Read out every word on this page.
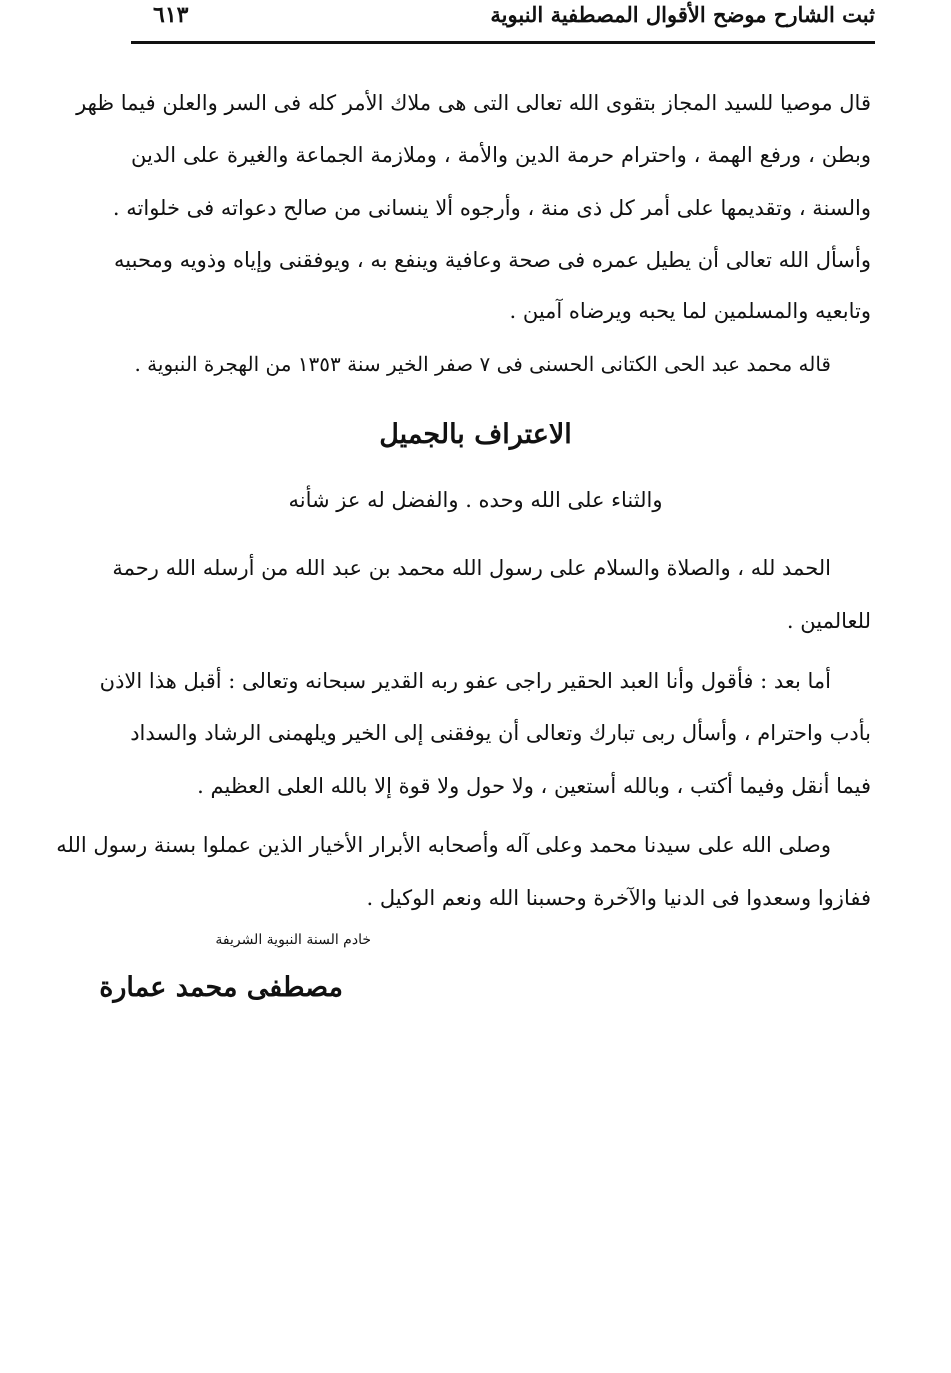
ثبت الشارح موضح الأقوال المصطفية النبوية
٦١٣
قال موصيا للسيد المجاز بتقوى الله تعالى التى هى ملاك الأمر كله فى السر والعلن فيما ظهر
وبطن ، ورفع الهمة ، واحترام حرمة الدين والأمة ، وملازمة الجماعة والغيرة على الدين
والسنة ، وتقديمها على أمر كل ذى منة ، وأرجوه ألا ينسانى من صالح دعواته فى خلواته .
وأسأل الله تعالى أن يطيل عمره فى صحة وعافية وينفع به ، ويوفقنى وإياه وذويه ومحبيه
وتابعيه والمسلمين لما يحبه ويرضاه آمين .
قاله محمد عبد الحى الكتانى الحسنى فى ٧ صفر الخير سنة ١٣٥٣ من الهجرة النبوية .
الاعتراف بالجميل
والثناء على الله وحده . والفضل له عز شأنه
الحمد لله ، والصلاة والسلام على رسول الله محمد بن عبد الله من أرسله الله رحمة
للعالمين .
أما بعد : فأقول وأنا العبد الحقير راجى عفو ربه القدير سبحانه وتعالى : أقبل هذا الاذن
بأدب واحترام ، وأسأل ربى تبارك وتعالى أن يوفقنى إلى الخير ويلهمنى الرشاد والسداد
فيما أنقل وفيما أكتب ، وبالله أستعين ، ولا حول ولا قوة إلا بالله العلى العظيم .
وصلى الله على سيدنا محمد وعلى آله وأصحابه الأبرار الأخيار الذين عملوا بسنة رسول الله
ففازوا وسعدوا فى الدنيا والآخرة وحسبنا الله ونعم الوكيل .
خادم السنة النبوية الشريفة
مصطفى محمد عمارة
